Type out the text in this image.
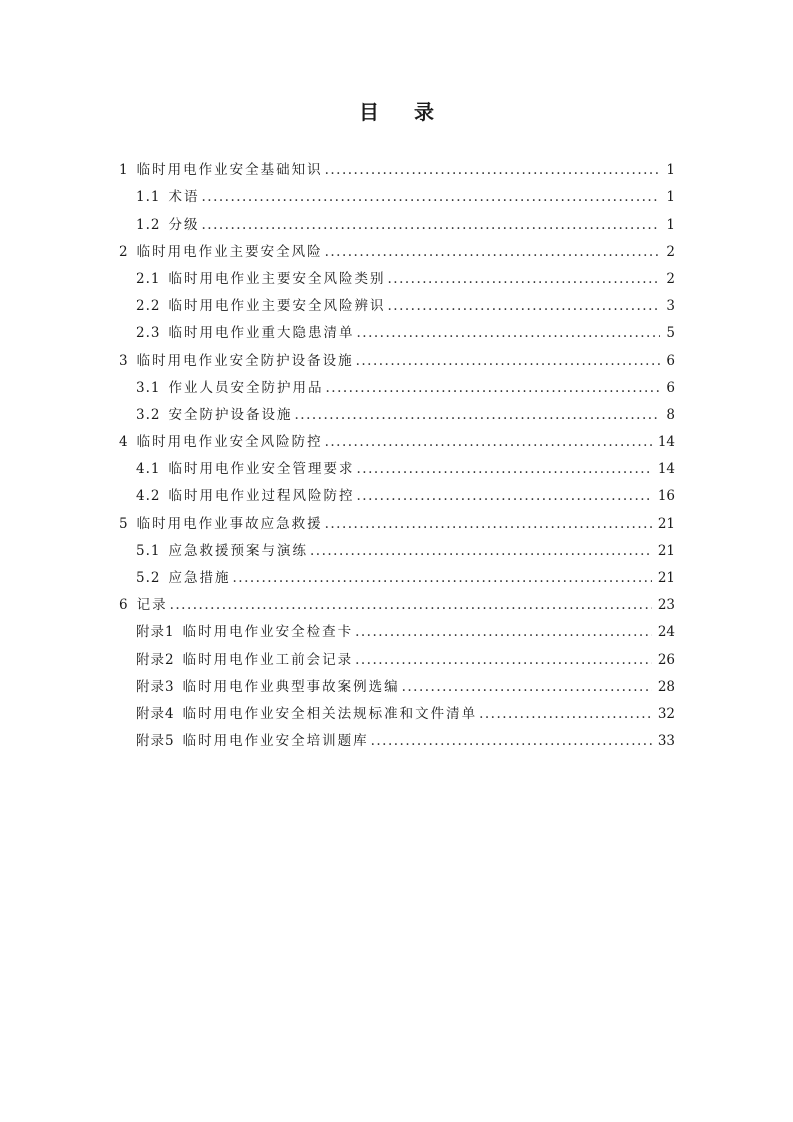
目 录
1 临时用电作业安全基础知识 .....	1
1.1 术语 .....	1
1.2 分级 .....	1
2 临时用电作业主要安全风险 .....	2
2.1 临时用电作业主要安全风险类别 .....	2
2.2 临时用电作业主要安全风险辨识 .....	3
2.3 临时用电作业重大隐患清单 .....	5
3 临时用电作业安全防护设备设施 .....	6
3.1 作业人员安全防护用品 .....	6
3.2 安全防护设备设施 .....	8
4 临时用电作业安全风险防控 .....	14
4.1 临时用电作业安全管理要求 .....	14
4.2 临时用电作业过程风险防控 .....	16
5 临时用电作业事故应急救援 .....	21
5.1 应急救援预案与演练 .....	21
5.2 应急措施 .....	21
6 记录 .....	23
附录1 临时用电作业安全检查卡 .....	24
附录2 临时用电作业工前会记录 .....	26
附录3 临时用电作业典型事故案例选编 .....	28
附录4 临时用电作业安全相关法规标准和文件清单 .....	32
附录5 临时用电作业安全培训题库 .....	33
